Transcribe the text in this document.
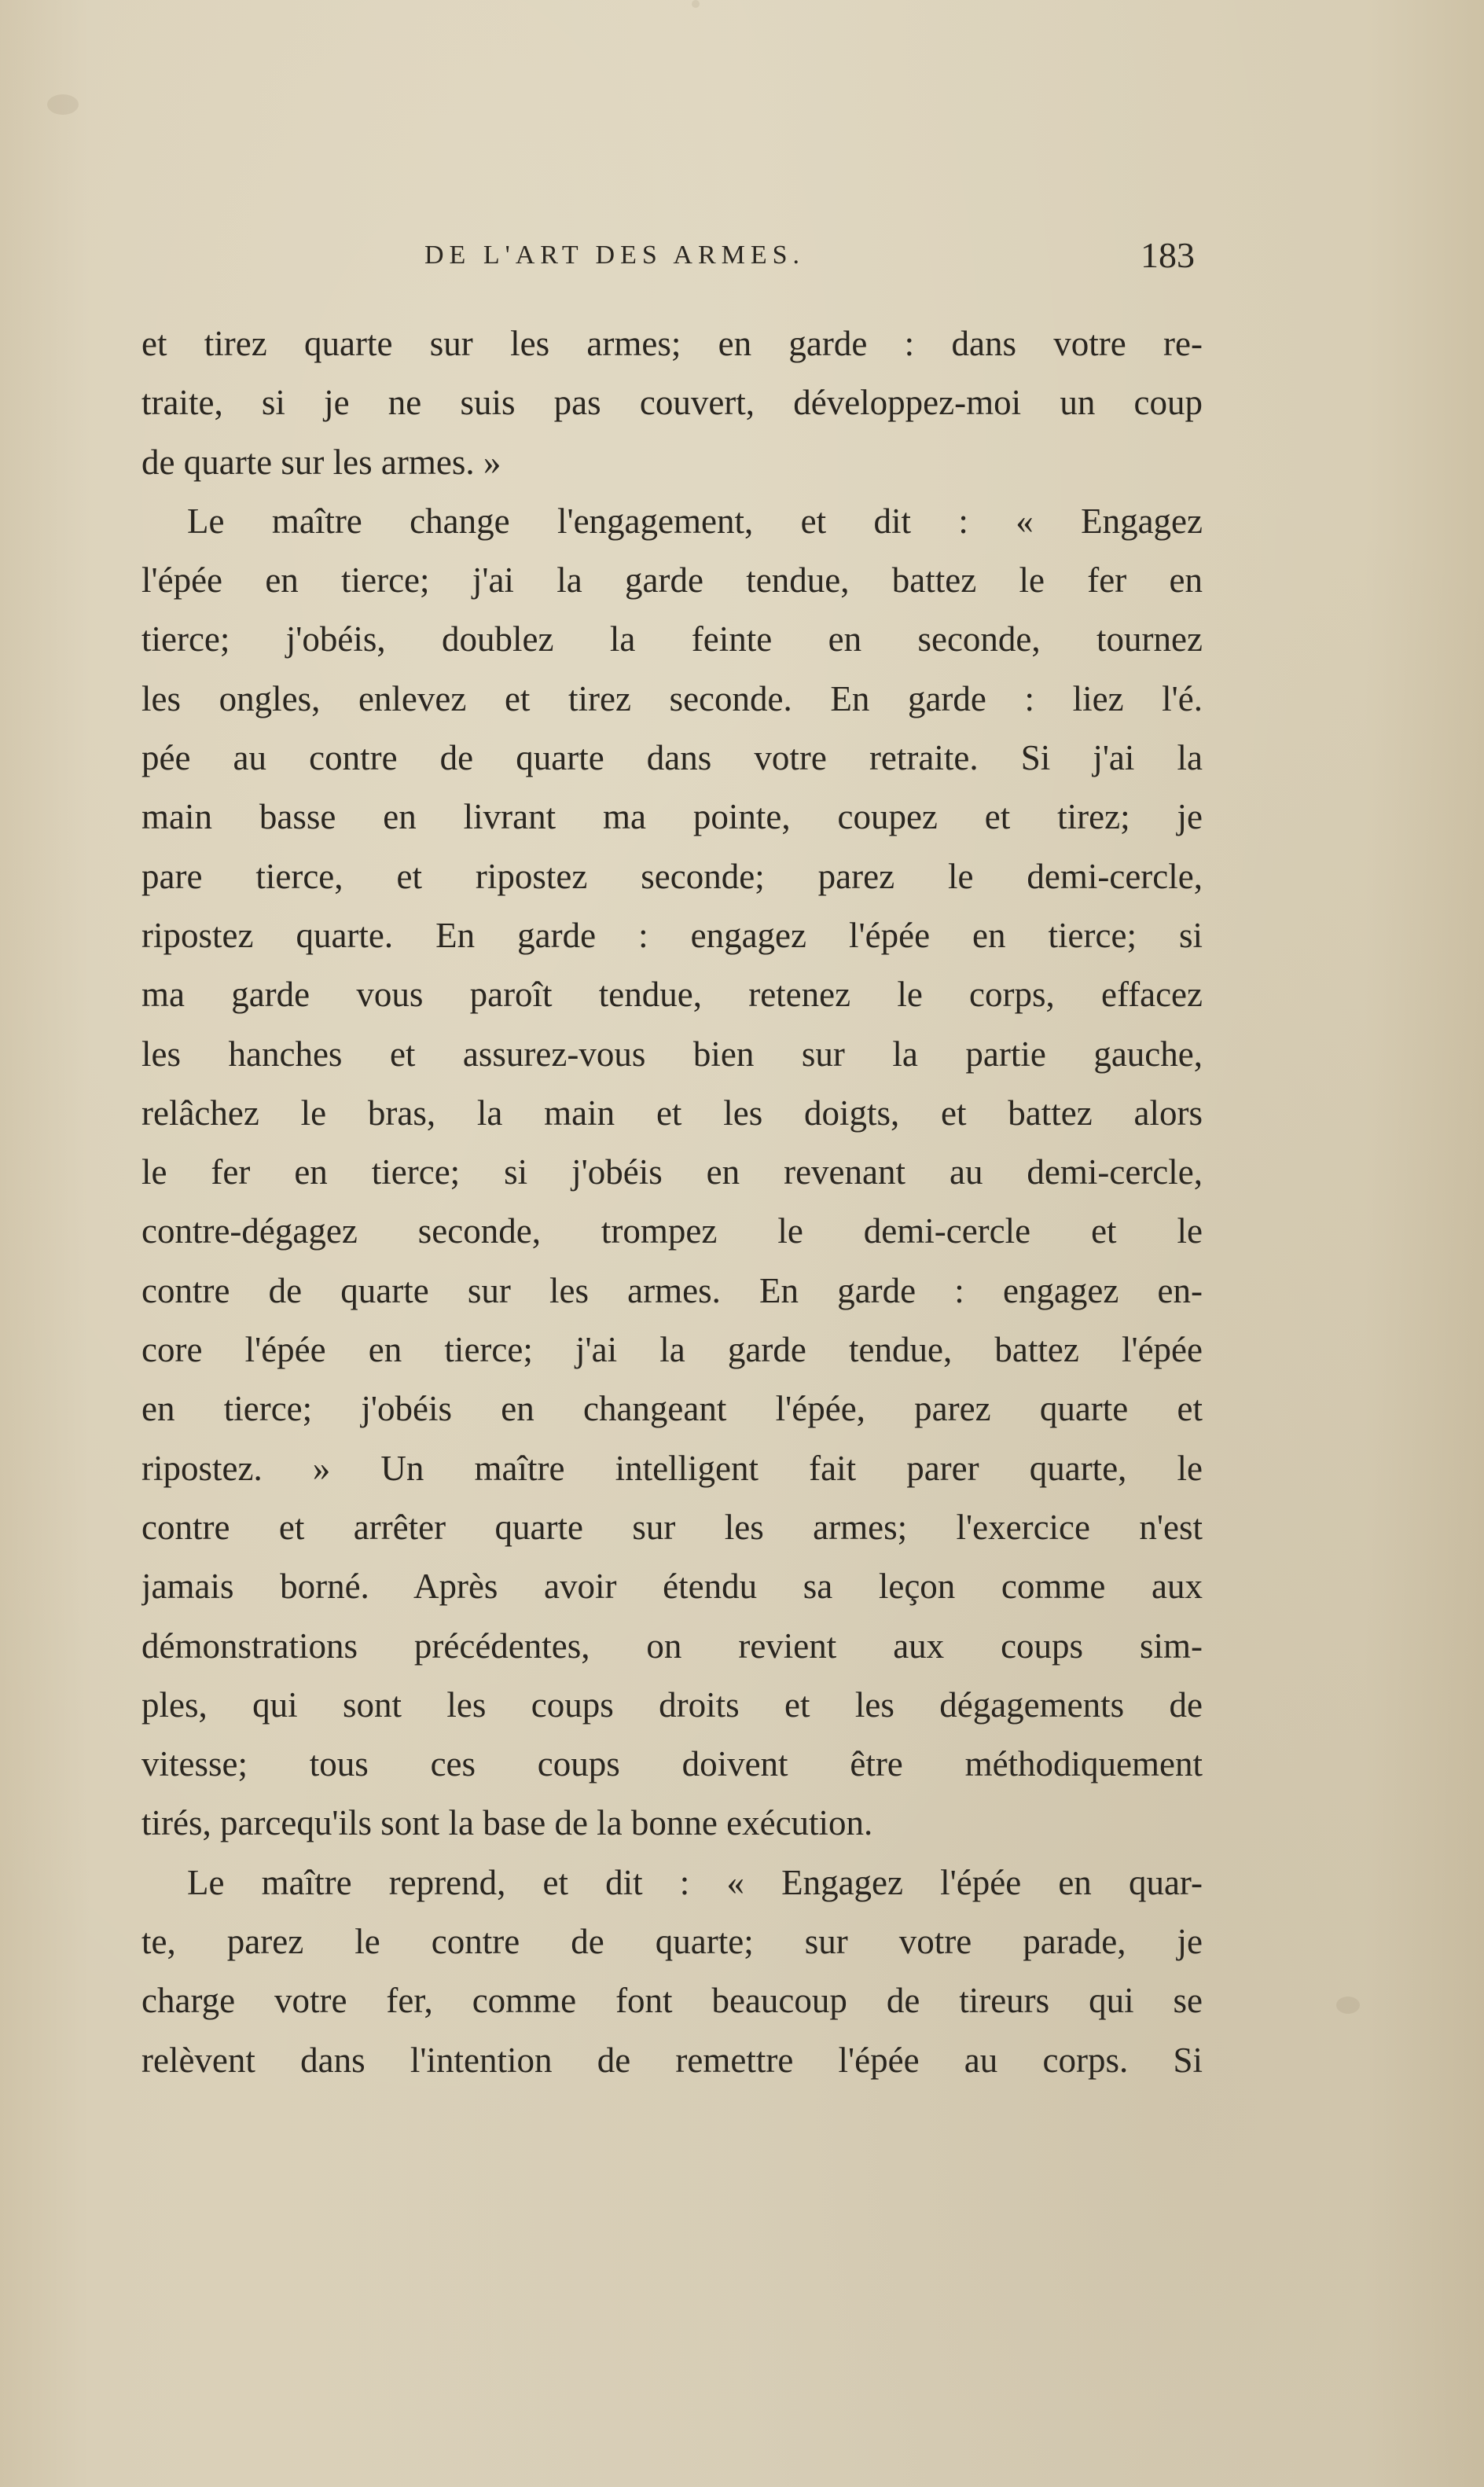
DE L'ART DES ARMES.	183
et tirez quarte sur les armes; en garde : dans votre re-
traite, si je ne suis pas couvert, développez-moi un coup
de quarte sur les armes. »
Le maître change l'engagement, et dit : « Engagez
l'épée en tierce; j'ai la garde tendue, battez le fer en
tierce; j'obéis, doublez la feinte en seconde, tournez
les ongles, enlevez et tirez seconde. En garde : liez l'é.
pée au contre de quarte dans votre retraite. Si j'ai la
main basse en livrant ma pointe, coupez et tirez; je
pare tierce, et ripostez seconde; parez le demi-cercle,
ripostez quarte. En garde : engagez l'épée en tierce; si
ma garde vous paroît tendue, retenez le corps, effacez
les hanches et assurez-vous bien sur la partie gauche,
relâchez le bras, la main et les doigts, et battez alors
le fer en tierce; si j'obéis en revenant au demi-cercle,
contre-dégagez seconde, trompez le demi-cercle et le
contre de quarte sur les armes. En garde : engagez en-
core l'épée en tierce; j'ai la garde tendue, battez l'épée
en tierce; j'obéis en changeant l'épée, parez quarte et
ripostez. » Un maître intelligent fait parer quarte, le
contre et arrêter quarte sur les armes; l'exercice n'est
jamais borné. Après avoir étendu sa leçon comme aux
démonstrations précédentes, on revient aux coups sim-
ples, qui sont les coups droits et les dégagements de
vitesse; tous ces coups doivent être méthodiquement
tirés, parcequ'ils sont la base de la bonne exécution.
Le maître reprend, et dit : « Engagez l'épée en quar-
te, parez le contre de quarte; sur votre parade, je
charge votre fer, comme font beaucoup de tireurs qui se
relèvent dans l'intention de remettre l'épée au corps. Si
